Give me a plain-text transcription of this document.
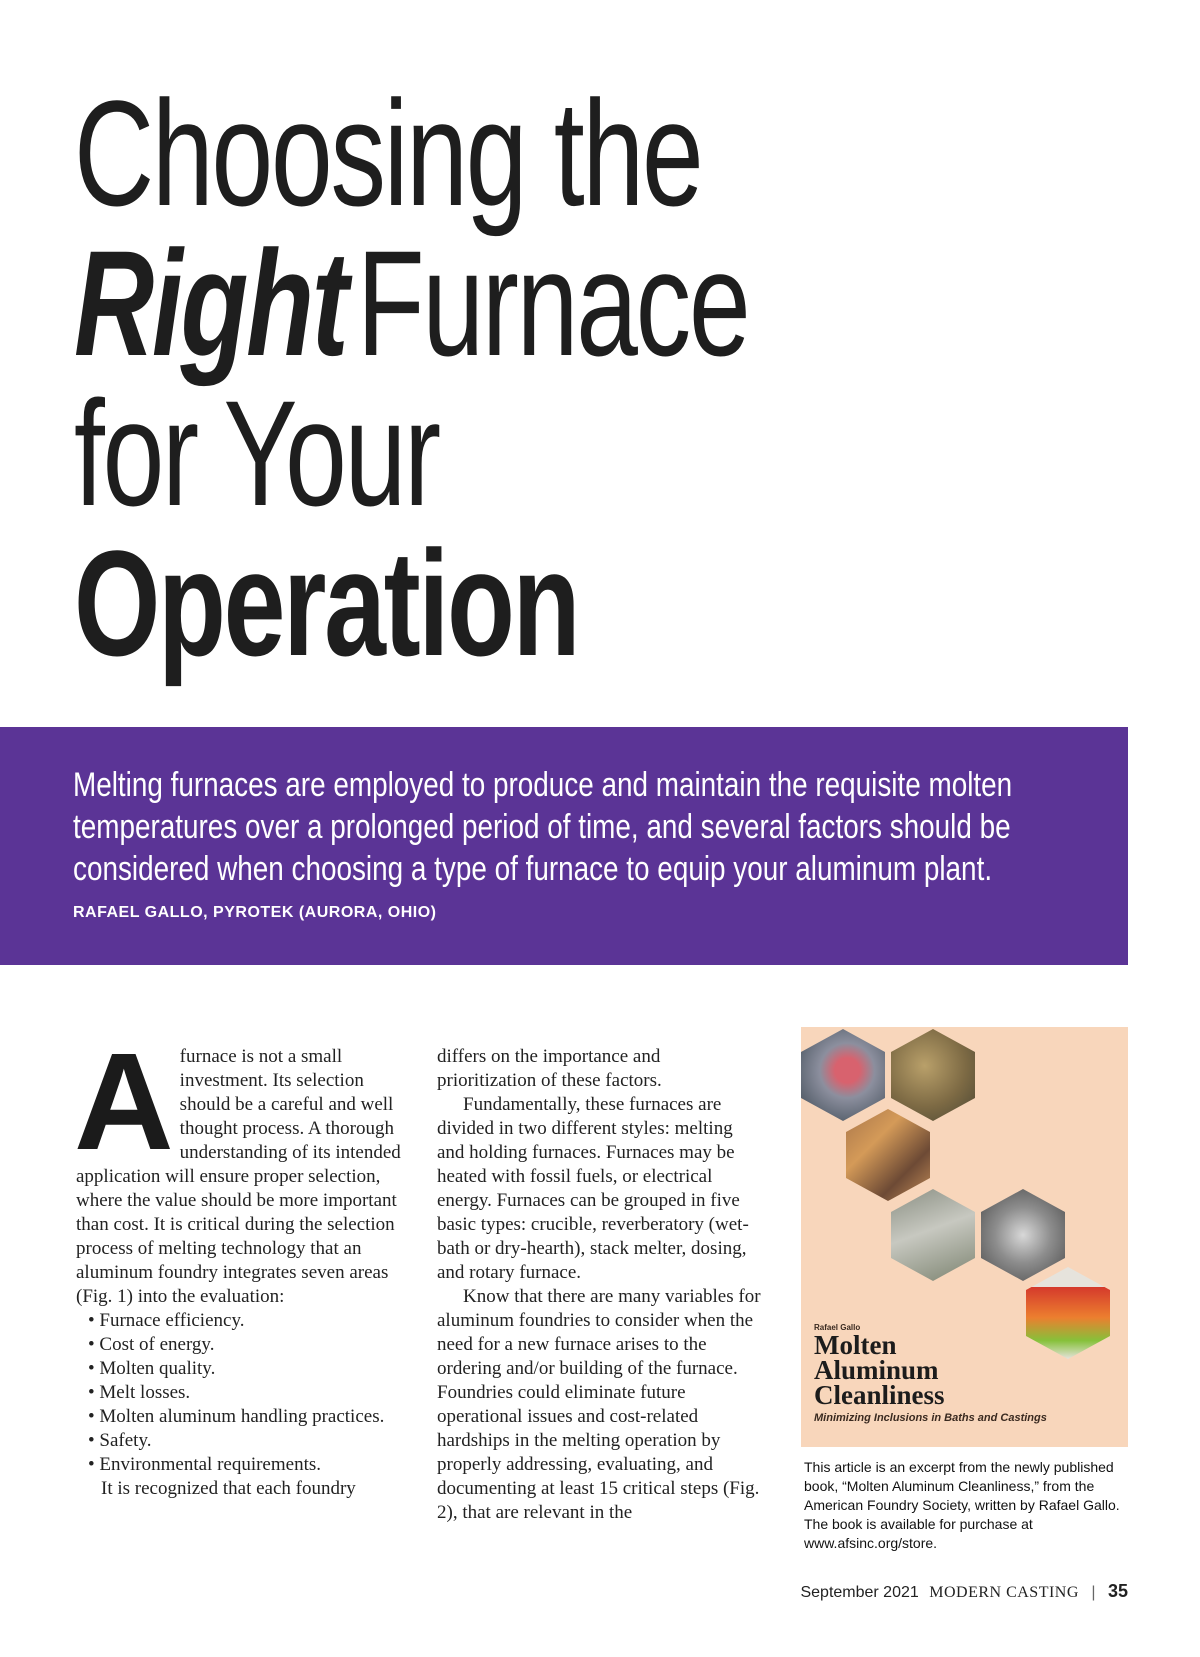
Choosing the
RightFurnace
for Your
Operation
Melting furnaces are employed to produce and maintain the requisite molten temperatures over a prolonged period of time, and several factors should be considered when choosing a type of furnace to equip your aluminum plant.
RAFAEL GALLO, PYROTEK (AURORA, OHIO)
A furnace is not a small investment. Its selection should be a careful and well thought process. A thorough understanding of its intended application will ensure proper selection, where the value should be more important than cost. It is critical during the selection process of melting technology that an aluminum foundry integrates seven areas (Fig. 1) into the evaluation:

• Furnace efficiency.
• Cost of energy.
• Molten quality.
• Melt losses.
• Molten aluminum handling practices.
• Safety.
• Environmental requirements.

It is recognized that each foundry

differs on the importance and prioritization of these factors.

Fundamentally, these furnaces are divided in two different styles: melting and holding furnaces. Furnaces may be heated with fossil fuels, or electrical energy. Furnaces can be grouped in five basic types: crucible, reverberatory (wet-bath or dry-hearth), stack melter, dosing, and rotary furnace.

Know that there are many variables for aluminum foundries to consider when the need for a new furnace arises to the ordering and/or building of the furnace. Foundries could eliminate future operational issues and cost-related hardships in the melting operation by properly addressing, evaluating, and documenting at least 15 critical steps (Fig. 2), that are relevant in the

Rafael Gallo
Molten
Aluminum
Cleanliness
Minimizing Inclusions in Baths and Castings
This article is an excerpt from the newly published book, “Molten Aluminum Cleanliness,” from the American Foundry Society, written by Rafael Gallo. The book is available for purchase at www.afsinc.org/store.
September 2021 MODERN CASTING | 35
